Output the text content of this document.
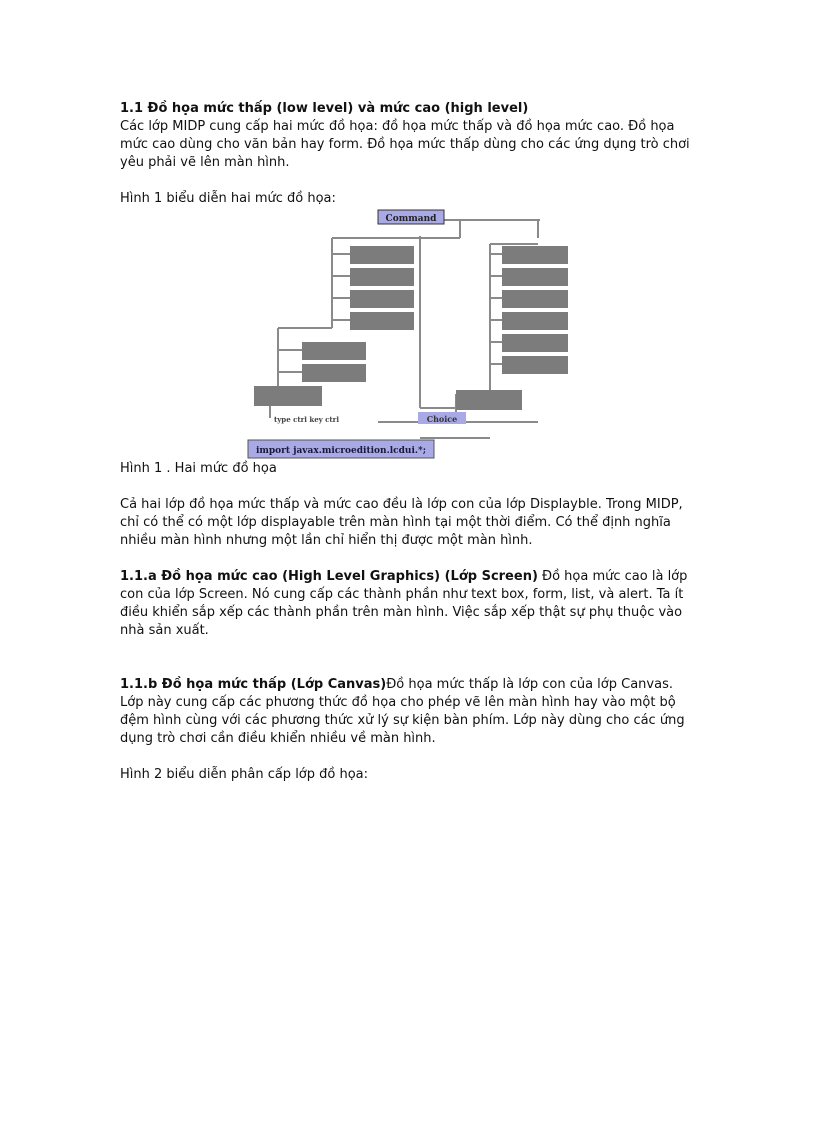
1.1 Đồ họa mức thấp (low level) và mức cao (high level)

Các lớp MIDP cung cấp hai mức đồ họa: đồ họa mức thấp và đồ họa mức cao. Đồ họa mức cao dùng cho văn bản hay form. Đồ họa mức thấp dùng cho các ứng dụng trò chơi yêu phải vẽ lên màn hình.

Hình 1 biểu diễn hai mức đồ họa:

Command
type ctrl key ctrl	Choice
import javax.microedition.lcdui.*;

Hình 1 . Hai mức đồ họa

Cả hai lớp đồ họa mức thấp và mức cao đều là lớp con của lớp Displayble. Trong MIDP, chỉ có thể có một lớp displayable trên màn hình tại một thời điểm. Có thể định nghĩa nhiều màn hình nhưng một lần chỉ hiển thị được một màn hình.

1.1.a Đồ họa mức cao (High Level Graphics) (Lớp Screen) Đồ họa mức cao là lớp con của lớp Screen. Nó cung cấp các thành phần như text box, form, list, và alert. Ta ít điều khiển sắp xếp các thành phần trên màn hình. Việc sắp xếp thật sự phụ thuộc vào nhà sản xuất.

1.1.b Đồ họa mức thấp (Lớp Canvas)Đồ họa mức thấp là lớp con của lớp Canvas. Lớp này cung cấp các phương thức đồ họa cho phép vẽ lên màn hình hay vào một bộ đệm hình cùng với các phương thức xử lý sự kiện bàn phím. Lớp này dùng cho các ứng dụng trò chơi cần điều khiển nhiều về màn hình.

Hình 2 biểu diễn phân cấp lớp đồ họa:
